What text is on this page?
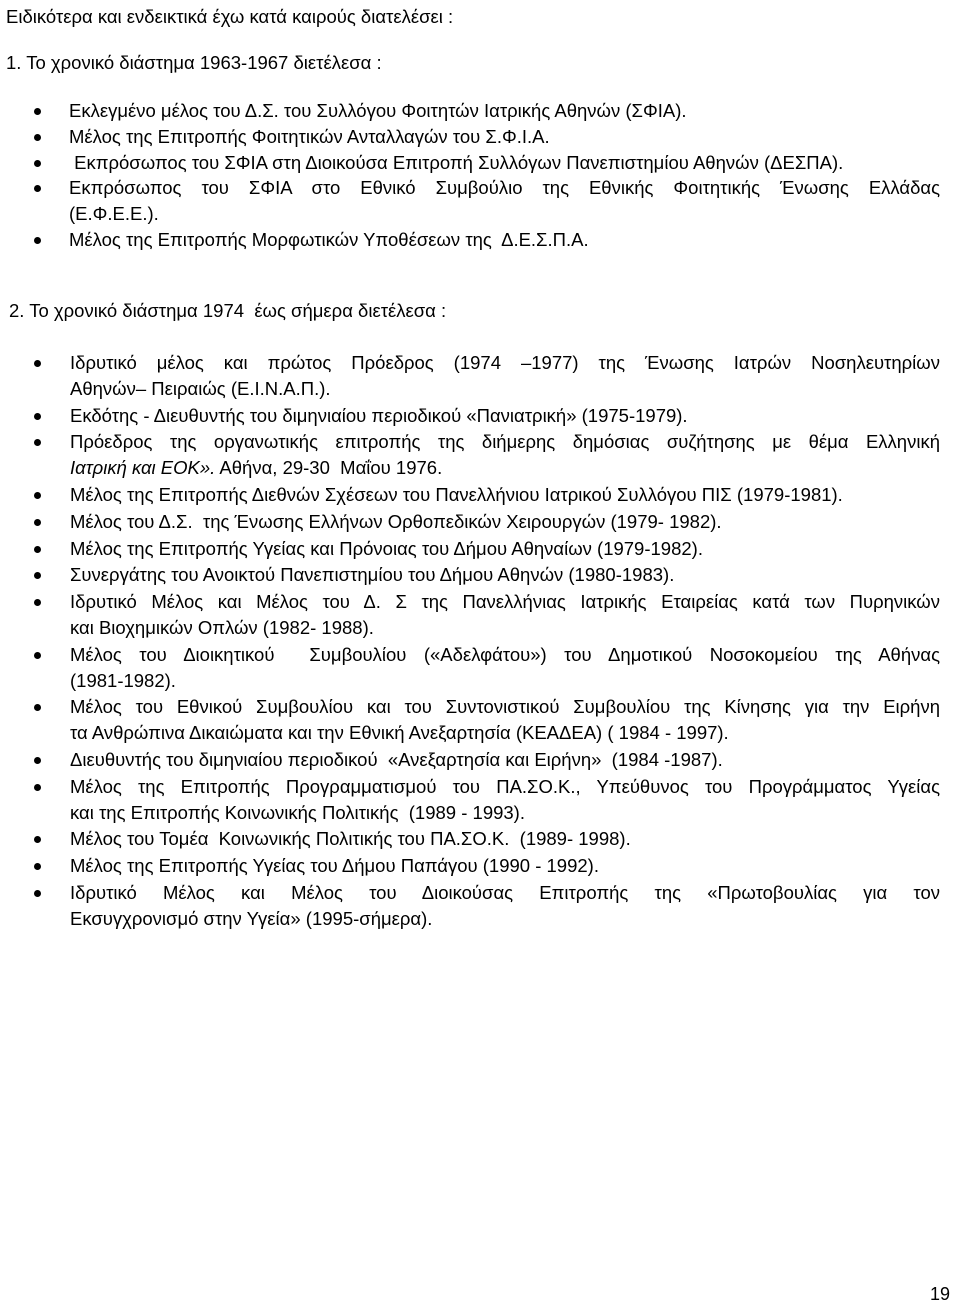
Ειδικότερα και ενδεικτικά έχω κατά καιρούς διατελέσει :

1. Το χρονικό διάστημα 1963-1967 διετέλεσα :

Εκλεγμένο μέλος του Δ.Σ. του Συλλόγου Φοιτητών Ιατρικής Αθηνών (ΣΦΙΑ).
Μέλος της Επιτροπής Φοιτητικών Ανταλλαγών του Σ.Φ.Ι.Α.
Εκπρόσωπος του ΣΦΙΑ στη Διοικούσα Επιτροπή Συλλόγων Πανεπιστημίου Αθηνών (ΔΕΣΠΑ).
Εκπρόσωπος του ΣΦΙΑ στο Εθνικό Συμβούλιο της Εθνικής Φοιτητικής Ένωσης Ελλάδας
(Ε.Φ.Ε.Ε.).
Μέλος της Επιτροπής Μορφωτικών Υποθέσεων της  Δ.Ε.Σ.Π.Α.

2. Το χρονικό διάστημα 1974  έως σήμερα διετέλεσα :

Ιδρυτικό μέλος και πρώτος Πρόεδρος (1974 –1977) της Ένωσης Ιατρών Νοσηλευτηρίων
Αθηνών– Πειραιώς (Ε.Ι.Ν.Α.Π.).
Εκδότης - Διευθυντής του διμηνιαίου περιοδικού «Πανιατρική» (1975-1979).
Πρόεδρος της οργανωτικής επιτροπής της διήμερης δημόσιας συζήτησης με θέμα Ελληνική
Ιατρική και ΕΟΚ». Αθήνα, 29-30  Μαΐου 1976.
Μέλος της Επιτροπής Διεθνών Σχέσεων του Πανελλήνιου Ιατρικού Συλλόγου ΠΙΣ (1979-1981).
Μέλος του Δ.Σ.  της Ένωσης Ελλήνων Ορθοπεδικών Χειρουργών (1979- 1982).
Μέλος της Επιτροπής Υγείας και Πρόνοιας του Δήμου Αθηναίων (1979-1982).
Συνεργάτης του Ανοικτού Πανεπιστημίου του Δήμου Αθηνών (1980-1983).
Ιδρυτικό Μέλος και Μέλος του Δ. Σ της Πανελλήνιας Ιατρικής Εταιρείας κατά των Πυρηνικών
και Βιοχημικών Οπλών (1982- 1988).
Μέλος του Διοικητικού  Συμβουλίου («Αδελφάτου») του Δημοτικού Νοσοκομείου της Αθήνας
(1981-1982).
Μέλος του Εθνικού Συμβουλίου και του Συντονιστικού Συμβουλίου της Κίνησης για την Ειρήνη
τα Ανθρώπινα Δικαιώματα και την Εθνική Ανεξαρτησία (ΚΕΑΔΕΑ) ( 1984 - 1997).
Διευθυντής του διμηνιαίου περιοδικού  «Ανεξαρτησία και Ειρήνη»  (1984 -1987).
Μέλος της Επιτροπής Προγραμματισμού του ΠΑ.ΣΟ.Κ., Υπεύθυνος του Προγράμματος Υγείας
και της Επιτροπής Κοινωνικής Πολιτικής  (1989 - 1993).
Μέλος του Τομέα  Κοινωνικής Πολιτικής του ΠΑ.ΣΟ.Κ.  (1989- 1998).
Μέλος της Επιτροπής Υγείας του Δήμου Παπάγου (1990 - 1992).
Ιδρυτικό Μέλος και Μέλος του Διοικούσας Επιτροπής της «Πρωτοβουλίας για τον
Εκσυγχρονισμό στην Υγεία» (1995-σήμερα).
19
